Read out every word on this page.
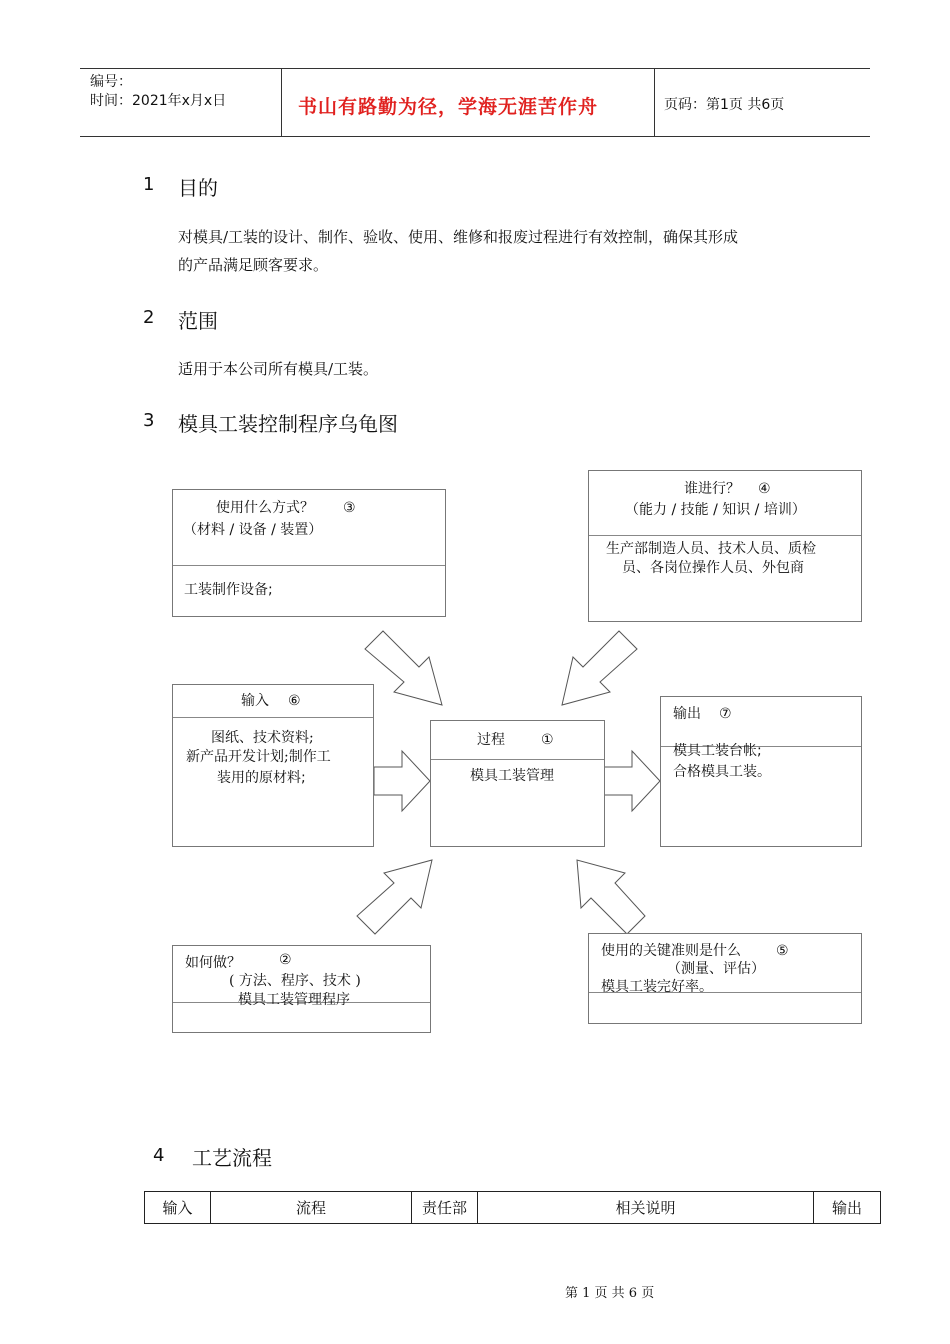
编号：
时间：2021年x月x日	书山有路勤为径，学海无涯苦作舟	页码：第1页 共6页
1 目的
对模具/工装的设计、制作、验收、使用、维修和报废过程进行有效控制，确保其形成
的产品满足顾客要求。
2 范围
适用于本公司所有模具/工装。
3 模具工装控制程序乌龟图
使用什么方式？ ③
（材料 / 设备 / 装置）
工装制作设备;
谁进行？ ④
（能力 / 技能 / 知识 / 培训）
生产部制造人员、技术人员、质检
员、各岗位操作人员、外包商
输入 ⑥
图纸、技术资料;
新产品开发计划;制作工
装用的原材料;
过程	①
模具工装管理
输出 ⑦
模具工装台帐;
合格模具工装。
如何做？	②
( 方法、程序、技术 )
模具工装管理程序
使用的关键准则是什么	⑤
（测量、评估）
模具工装完好率。
4 工艺流程
输入	流程	责任部	相关说明	输出
第 1 页 共 6 页
